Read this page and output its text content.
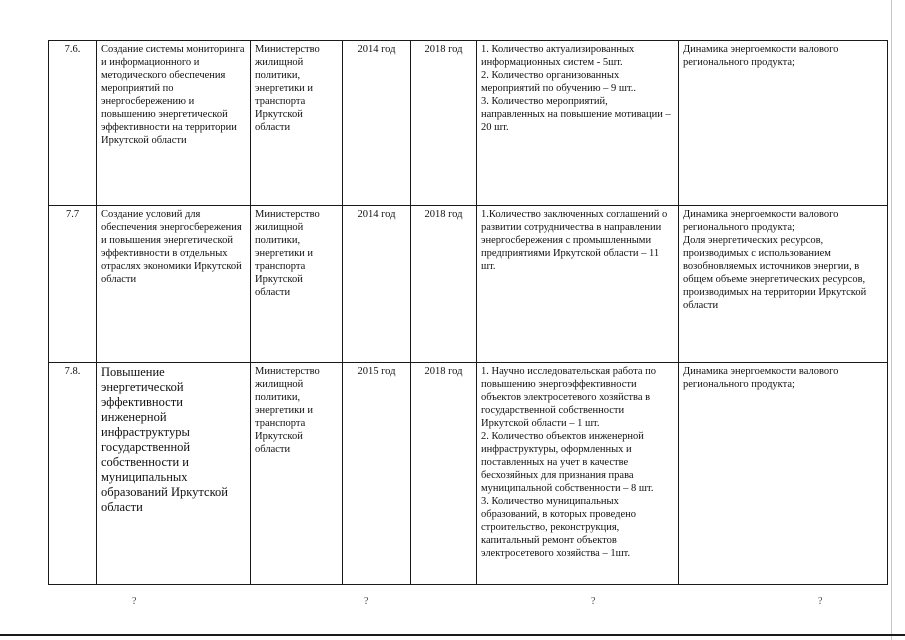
7.6.	Создание системы мониторинга и информационного и методического обеспечения мероприятий по энергосбережению и повышению энергетической эффективности на территории Иркутской области	Министерство жилищной политики, энергетики и транспорта Иркутской области	2014 год	2018 год	1. Количество актуализированных информационных систем - 5шт.
2. Количество организованных мероприятий по обучению – 9 шт..
3. Количество мероприятий, направленных на повышение мотивации – 20 шт.	Динамика энергоемкости валового регионального продукта;

7.7	Создание условий для обеспечения энергосбережения и повышения энергетической эффективности в отдельных отраслях экономики Иркутской области	Министерство жилищной политики, энергетики и транспорта Иркутской области	2014 год	2018 год	1.Количество заключенных соглашений о развитии сотрудничества в направлении энергосбережения с промышленными предприятиями Иркутской области – 11 шт.	Динамика энергоемкости валового регионального продукта;
Доля энергетических ресурсов, производимых с использованием возобновляемых источников энергии, в общем объеме энергетических ресурсов, производимых на территории Иркутской области

7.8.	Повышение энергетической эффективности инженерной инфраструктуры государственной собственности и муниципальных образований Иркутской области	Министерство жилищной политики, энергетики и транспорта Иркутской области	2015 год	2018 год	1. Научно исследовательская работа по повышению энергоэффективности объектов электросетевого хозяйства в государственной собственности Иркутской области – 1 шт.
2. Количество объектов инженерной инфраструктуры, оформленных и поставленных на учет в качестве бесхозяйных для признания права муниципальной собственности – 8 шт.
3. Количество муниципальных образований, в которых проведено строительство, реконструкция, капитальный ремонт объектов электросетевого хозяйства – 1шт.	Динамика энергоемкости валового регионального продукта;
?	?	?	?
